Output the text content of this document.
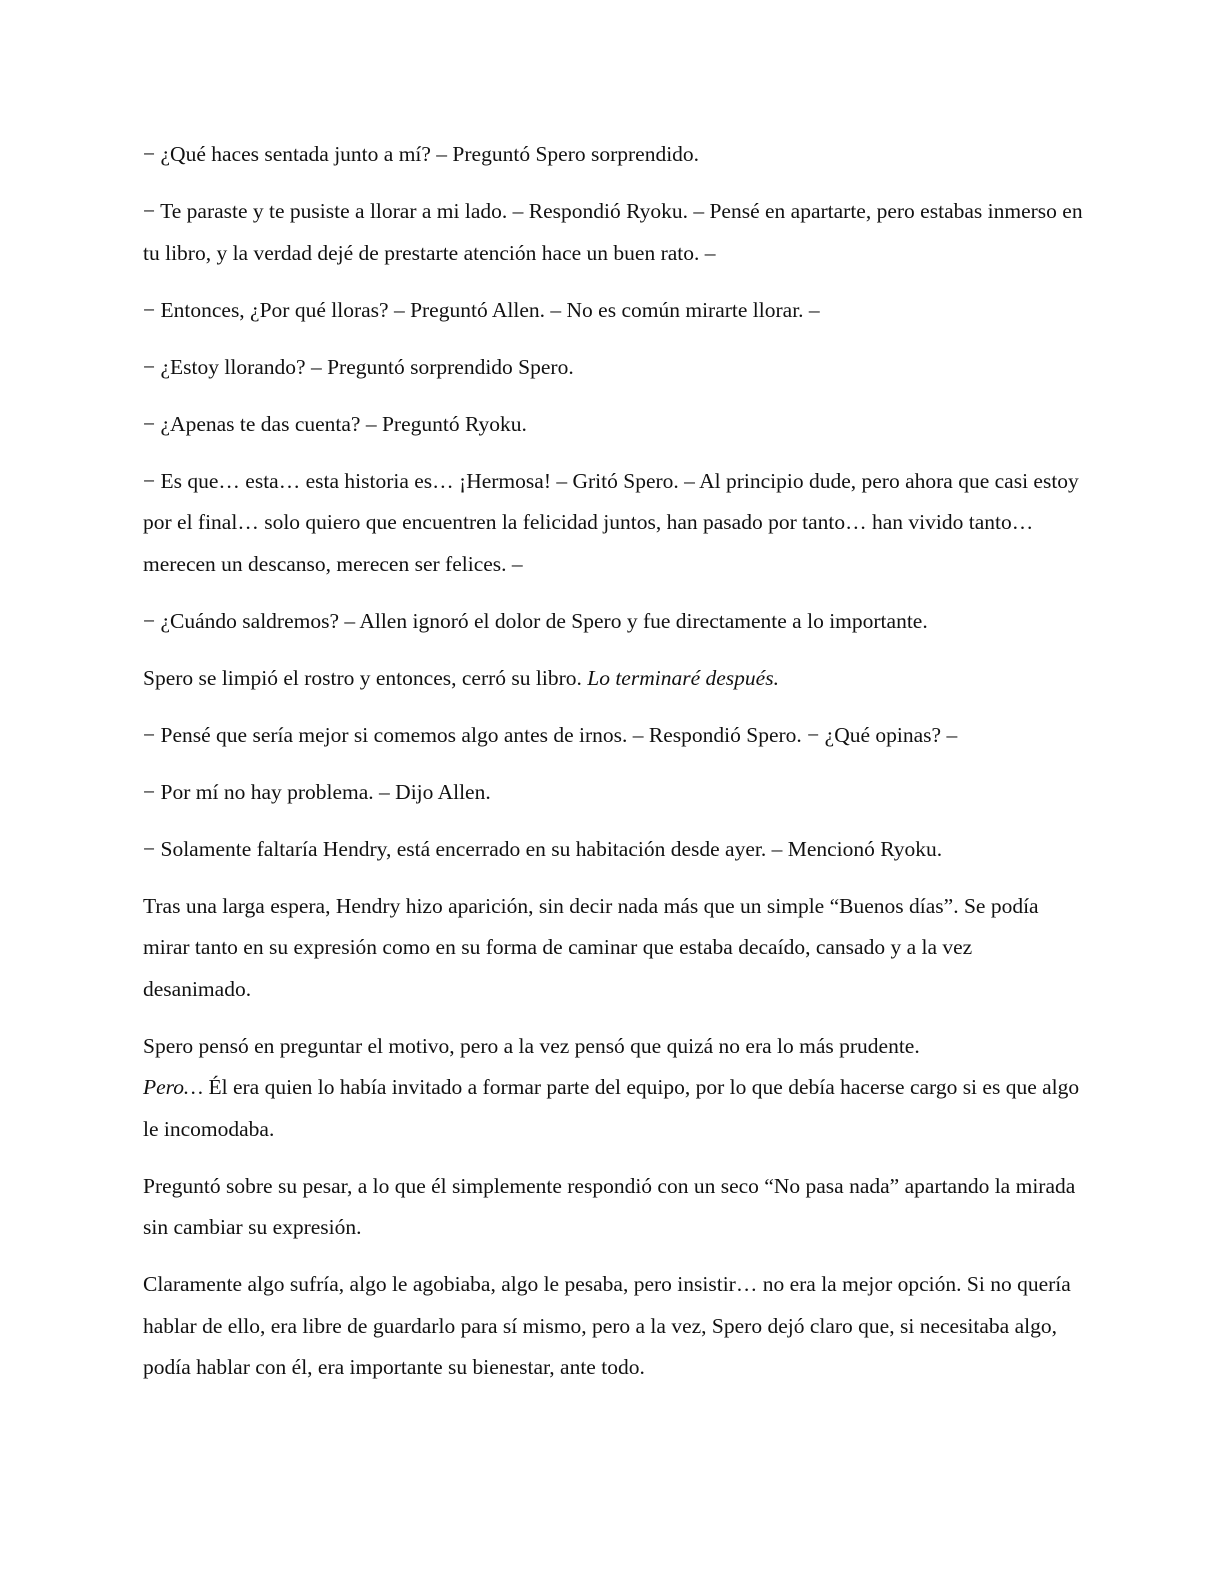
− ¿Qué haces sentada junto a mí? – Preguntó Spero sorprendido.

− Te paraste y te pusiste a llorar a mi lado. – Respondió Ryoku. – Pensé en apartarte, pero estabas inmerso en tu libro, y la verdad dejé de prestarte atención hace un buen rato. –

− Entonces, ¿Por qué lloras? – Preguntó Allen. – No es común mirarte llorar. –

− ¿Estoy llorando? – Preguntó sorprendido Spero.

− ¿Apenas te das cuenta? – Preguntó Ryoku.

− Es que… esta… esta historia es… ¡Hermosa! – Gritó Spero. – Al principio dude, pero ahora que casi estoy por el final… solo quiero que encuentren la felicidad juntos, han pasado por tanto… han vivido tanto… merecen un descanso, merecen ser felices. –

− ¿Cuándo saldremos? – Allen ignoró el dolor de Spero y fue directamente a lo importante.

Spero se limpió el rostro y entonces, cerró su libro. Lo terminaré después.

− Pensé que sería mejor si comemos algo antes de irnos. – Respondió Spero. − ¿Qué opinas? –

− Por mí no hay problema. – Dijo Allen.

− Solamente faltaría Hendry, está encerrado en su habitación desde ayer. – Mencionó Ryoku.

Tras una larga espera, Hendry hizo aparición, sin decir nada más que un simple “Buenos días”. Se podía mirar tanto en su expresión como en su forma de caminar que estaba decaído, cansado y a la vez desanimado.

Spero pensó en preguntar el motivo, pero a la vez pensó que quizá no era lo más prudente.
Pero… Él era quien lo había invitado a formar parte del equipo, por lo que debía hacerse cargo si es que algo le incomodaba.

Preguntó sobre su pesar, a lo que él simplemente respondió con un seco “No pasa nada” apartando la mirada sin cambiar su expresión.

Claramente algo sufría, algo le agobiaba, algo le pesaba, pero insistir… no era la mejor opción. Si no quería hablar de ello, era libre de guardarlo para sí mismo, pero a la vez, Spero dejó claro que, si necesitaba algo, podía hablar con él, era importante su bienestar, ante todo.
